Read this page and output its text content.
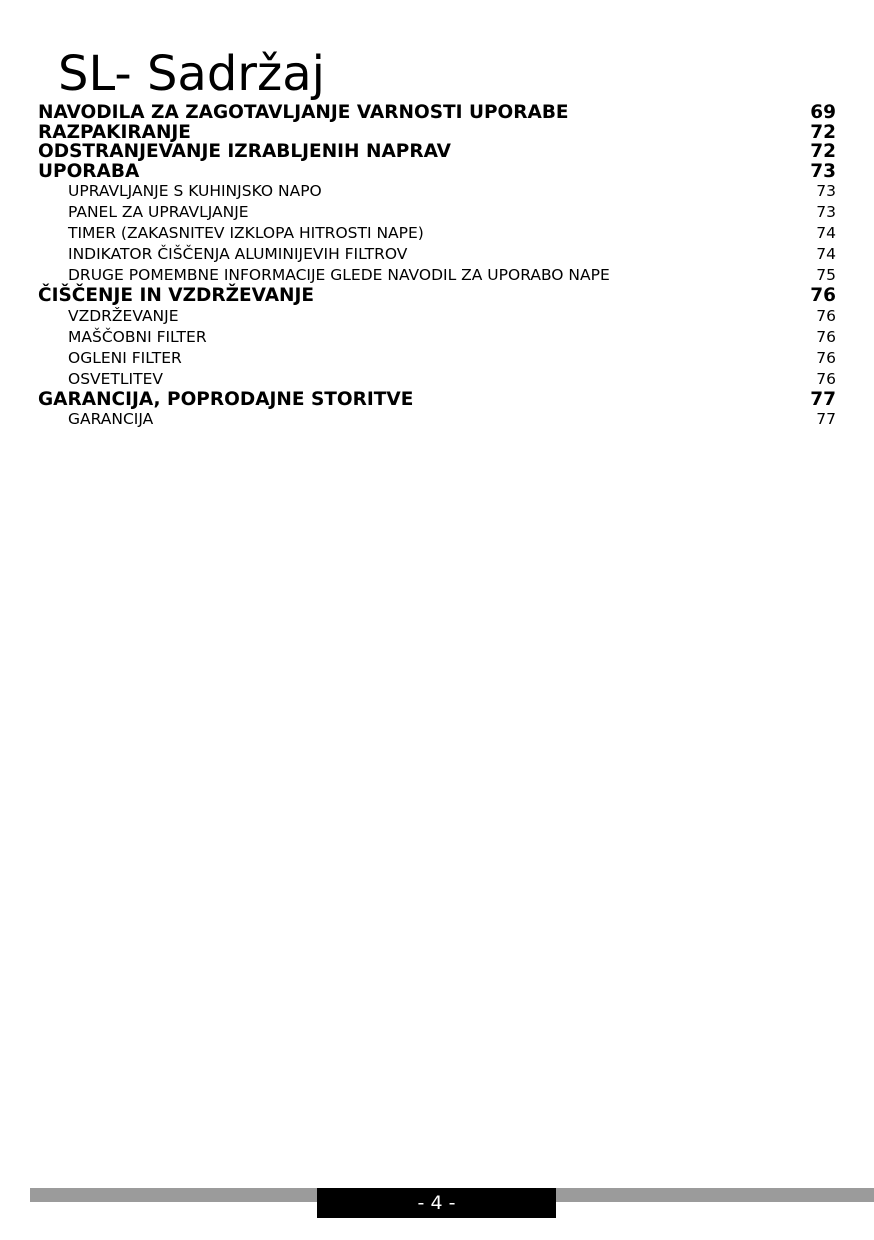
SL- Sadržaj
NAVODILA ZA ZAGOTAVLJANJE VARNOSTI UPORABE	69
RAZPAKIRANJE	72
ODSTRANJEVANJE IZRABLJENIH NAPRAV	72
UPORABA	73
UPRAVLJANJE S KUHINJSKO NAPO	73
PANEL ZA UPRAVLJANJE	73
TIMER (ZAKASNITEV IZKLOPA HITROSTI NAPE)	74
INDIKATOR ČIŠČENJA ALUMINIJEVIH FILTROV	74
DRUGE POMEMBNE INFORMACIJE GLEDE NAVODIL ZA UPORABO NAPE	75
ČIŠČENJE IN VZDRŽEVANJE	76
VZDRŽEVANJE	76
MAŠČOBNI FILTER	76
OGLENI FILTER	76
OSVETLITEV	76
GARANCIJA, POPRODAJNE STORITVE	77
GARANCIJA	77
- 4 -
